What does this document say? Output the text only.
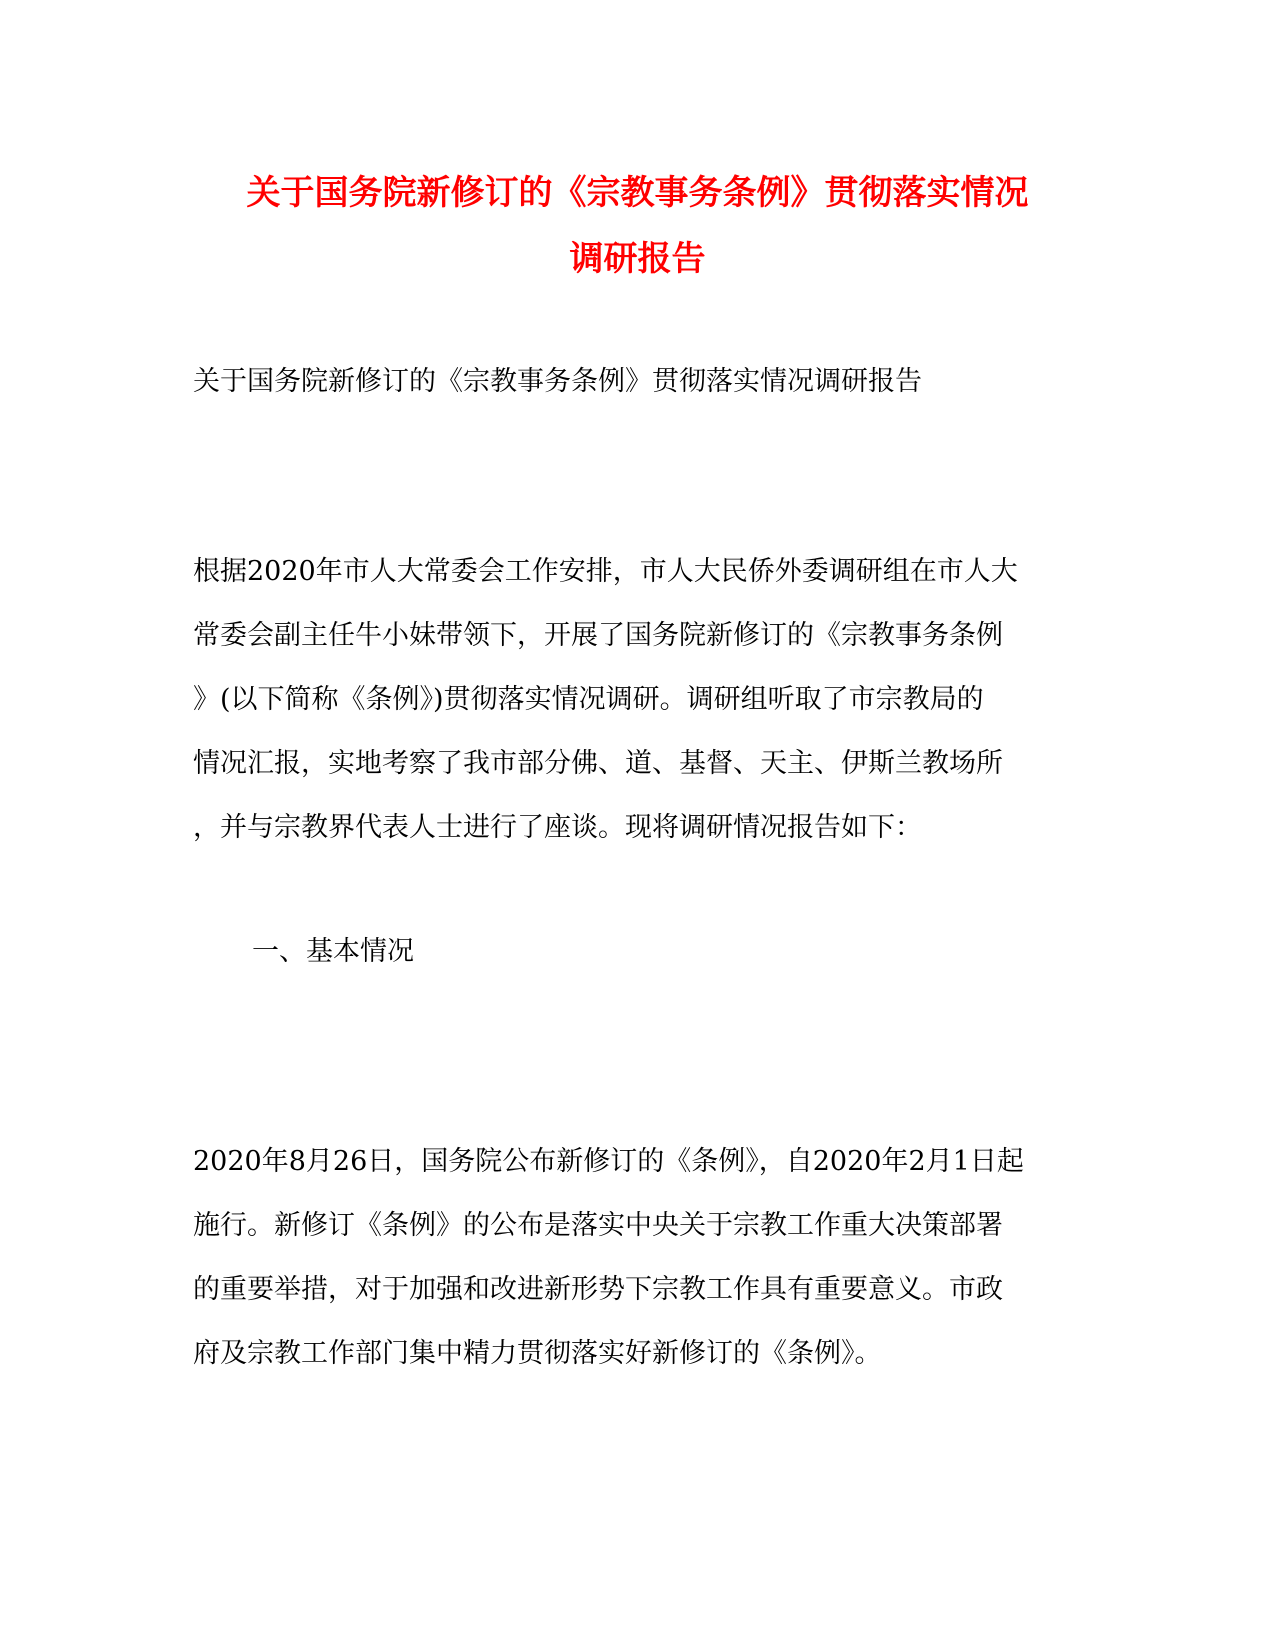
关于国务院新修订的《宗教事务条例》贯彻落实情况
调研报告
关于国务院新修订的《宗教事务条例》贯彻落实情况调研报告
根据2020年市人大常委会工作安排，市人大民侨外委调研组在市人大
常委会副主任牛小妹带领下，开展了国务院新修订的《宗教事务条例
》(以下简称《条例》)贯彻落实情况调研。调研组听取了市宗教局的
情况汇报，实地考察了我市部分佛、道、基督、天主、伊斯兰教场所
，并与宗教界代表人士进行了座谈。现将调研情况报告如下：
一、基本情况
2020年8月26日，国务院公布新修订的《条例》，自2020年2月1日起
施行。新修订《条例》的公布是落实中央关于宗教工作重大决策部署
的重要举措，对于加强和改进新形势下宗教工作具有重要意义。市政
府及宗教工作部门集中精力贯彻落实好新修订的《条例》。
